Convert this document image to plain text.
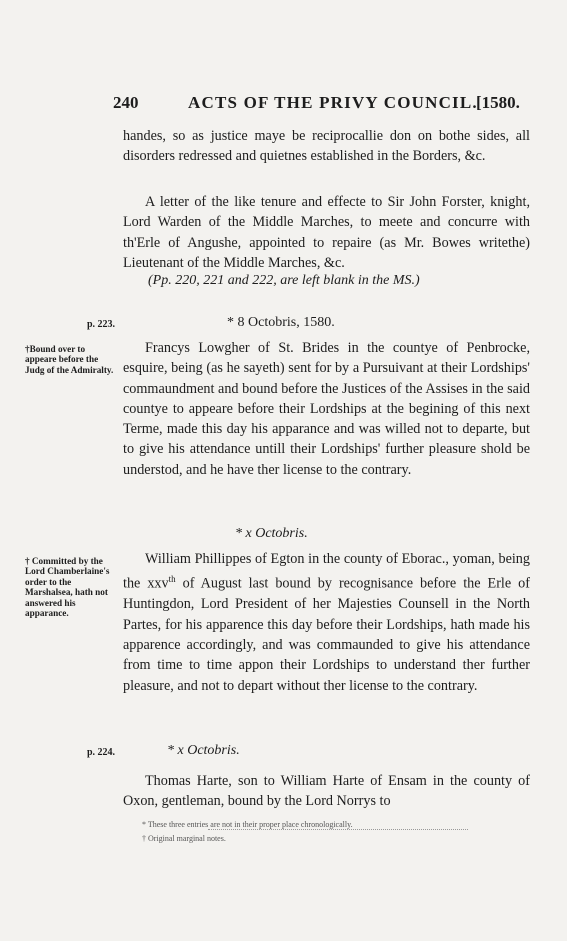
240	ACTS OF THE PRIVY COUNCIL.
[1580.

handes, so as justice maye be reciprocallie don on bothe sides, all disorders redressed and quietnes established in the Borders, &c.

A letter of the like tenure and effecte to Sir John Forster, knight, Lord Warden of the Middle Marches, to meete and concurre with th'Erle of Angushe, appointed to repaire (as Mr. Bowes writethe) Lieutenant of the Middle Marches, &c.

(Pp. 220, 221 and 222, are left blank in the MS.)

p. 223.	* 8 Octobris, 1580.

†Bound over to appeare before the Judg of the Admiralty.

Francys Lowgher of St. Brides in the countye of Penbrocke, esquire, being (as he sayeth) sent for by a Pursuivant at their Lordships' commaundment and bound before the Justices of the Assises in the said countye to appeare before their Lordships at the begining of this next Terme, made this day his apparance and was willed not to departe, but to give his attendance untill their Lordships' further pleasure shold be understod, and he have ther license to the contrary.

* x Octobris.

† Committed by the Lord Chamberlaine's order to the Marshalsea, hath not answered his apparance.

William Phillippes of Egton in the county of Eborac., yoman, being the xxv$^{th}$ of August last bound by recognisance before the Erle of Huntingdon, Lord President of her Majesties Counsell in the North Partes, for his apparence this day before their Lordships, hath made his apparence accordingly, and was commaunded to give his attendance from time to time appon their Lordships to understand ther further pleasure, and not to depart without ther license to the contrary.

p. 224.	* x Octobris.

Thomas Harte, son to William Harte of Ensam in the county of Oxon, gentleman, bound by the Lord Norrys to

* These three entries are not in their proper place chronologically.
† Original marginal notes.
